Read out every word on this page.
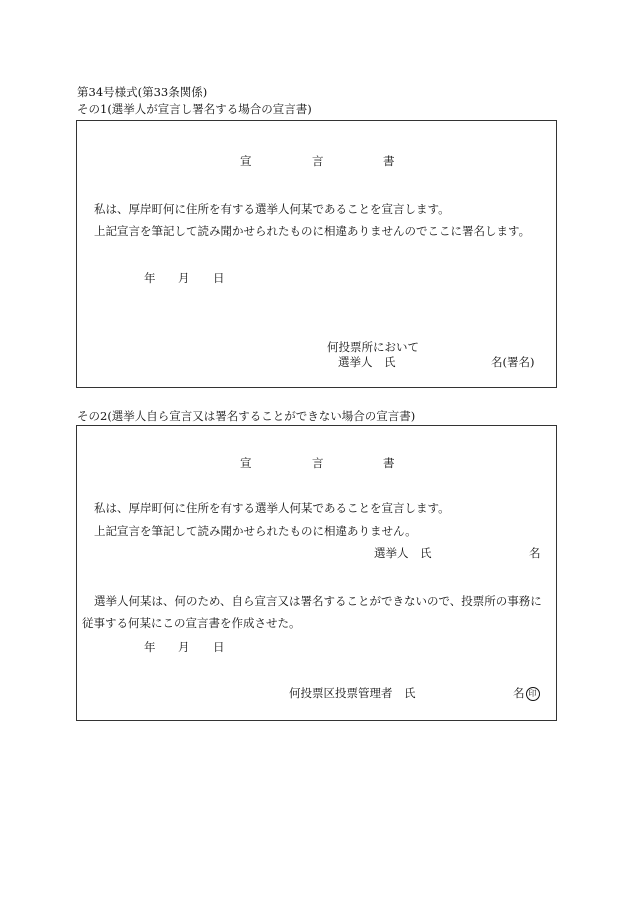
第34号様式(第33条関係)
その1(選挙人が宣言し署名する場合の宣言書)
宣	言	書
私は、厚岸町何に住所を有する選挙人何某であることを宣言します。
上記宣言を筆記して読み聞かせられたものに相違ありませんのでここに署名します。
年 月 日
何投票所において
選挙人　氏	名(署名)
その2(選挙人自ら宣言又は署名することができない場合の宣言書)
宣	言	書
私は、厚岸町何に住所を有する選挙人何某であることを宣言します。
上記宣言を筆記して読み聞かせられたものに相違ありません。
選挙人　氏	名
選挙人何某は、何のため、自ら宣言又は署名することができないので、投票所の事務に
従事する何某にこの宣言書を作成させた。
年 月 日
何投票区投票管理者　氏	名 印
